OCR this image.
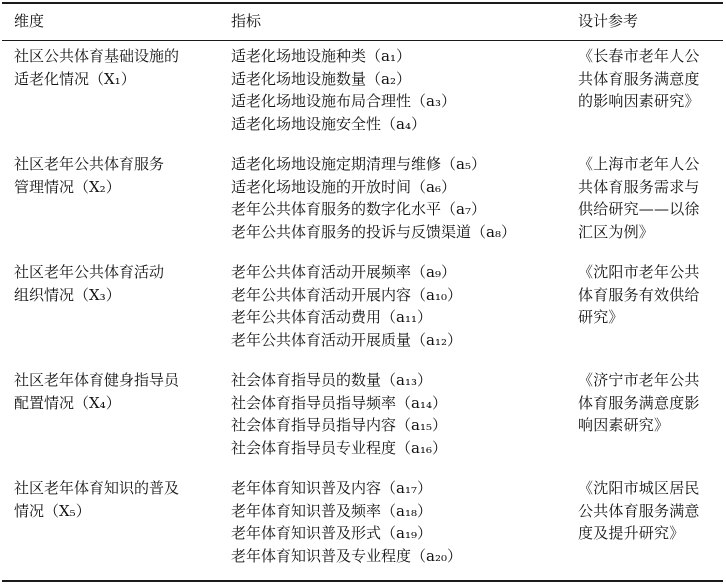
维度	指标	设计参考
社区公共体育基础设施的
适老化情况（X₁）
适老化场地设施种类（a₁）
适老化场地设施数量（a₂）
适老化场地设施布局合理性（a₃）
适老化场地设施安全性（a₄）
《长春市老年人公
共体育服务满意度
的影响因素研究》
社区老年公共体育服务
管理情况（X₂）
适老化场地设施定期清理与维修（a₅）
适老化场地设施的开放时间（a₆）
老年公共体育服务的数字化水平（a₇）
老年公共体育服务的投诉与反馈渠道（a₈）
《上海市老年人公
共体育服务需求与
供给研究——以徐
汇区为例》
社区老年公共体育活动
组织情况（X₃）
老年公共体育活动开展频率（a₉）
老年公共体育活动开展内容（a₁₀）
老年公共体育活动费用（a₁₁）
老年公共体育活动开展质量（a₁₂）
《沈阳市老年公共
体育服务有效供给
研究》
社区老年体育健身指导员
配置情况（X₄）
社会体育指导员的数量（a₁₃）
社会体育指导员指导频率（a₁₄）
社会体育指导员指导内容（a₁₅）
社会体育指导员专业程度（a₁₆）
《济宁市老年公共
体育服务满意度影
响因素研究》
社区老年体育知识的普及
情况（X₅）
老年体育知识普及内容（a₁₇）
老年体育知识普及频率（a₁₈）
老年体育知识普及形式（a₁₉）
老年体育知识普及专业程度（a₂₀）
《沈阳市城区居民
公共体育服务满意
度及提升研究》
